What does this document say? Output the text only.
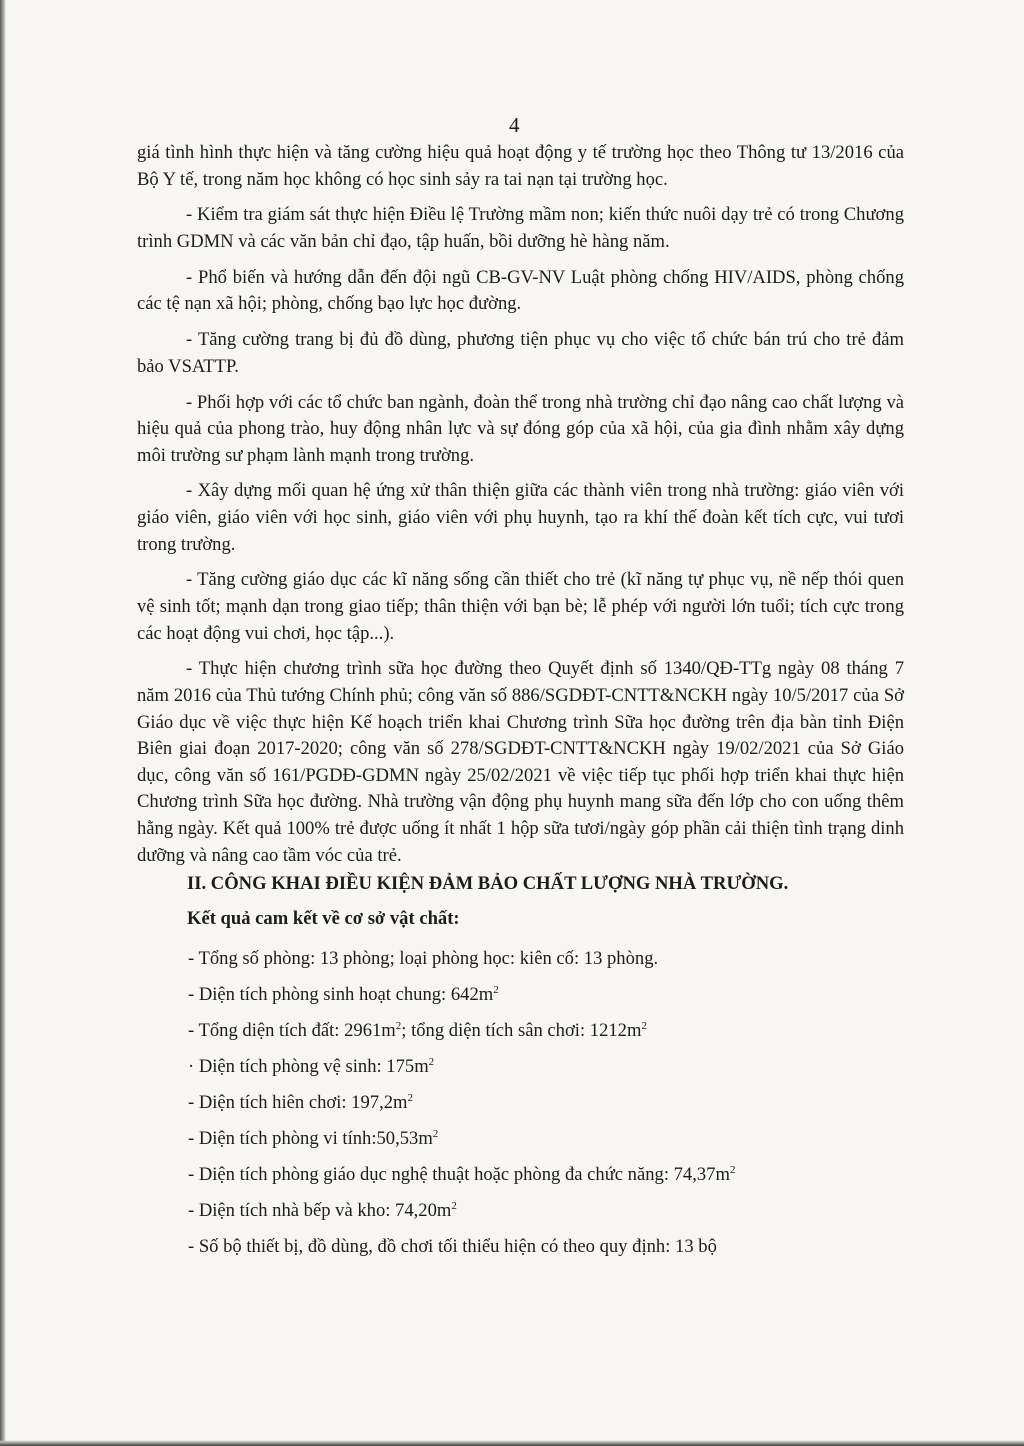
4

giá tình hình thực hiện và tăng cường hiệu quả hoạt động y tế trường học theo Thông tư 13/2016 của Bộ Y tế, trong năm học không có học sinh sảy ra tai nạn tại trường học.

- Kiểm tra giám sát thực hiện Điều lệ Trường mầm non; kiến thức nuôi dạy trẻ có trong Chương trình GDMN và các văn bản chỉ đạo, tập huấn, bồi dưỡng hè hàng năm.

- Phổ biến và hướng dẫn đến đội ngũ CB-GV-NV Luật phòng chống HIV/AIDS, phòng chống các tệ nạn xã hội; phòng, chống bạo lực học đường.

- Tăng cường trang bị đủ đồ dùng, phương tiện phục vụ cho việc tổ chức bán trú cho trẻ đảm bảo VSATTP.

- Phối hợp với các tổ chức ban ngành, đoàn thể trong nhà trường chỉ đạo nâng cao chất lượng và hiệu quả của phong trào, huy động nhân lực và sự đóng góp của xã hội, của gia đình nhằm xây dựng môi trường sư phạm lành mạnh trong trường.

- Xây dựng mối quan hệ ứng xử thân thiện giữa các thành viên trong nhà trường: giáo viên với giáo viên, giáo viên với học sinh, giáo viên với phụ huynh, tạo ra khí thế đoàn kết tích cực, vui tươi trong trường.

- Tăng cường giáo dục các kĩ năng sống cần thiết cho trẻ (kĩ năng tự phục vụ, nề nếp thói quen vệ sinh tốt; mạnh dạn trong giao tiếp; thân thiện với bạn bè; lễ phép với người lớn tuổi; tích cực trong các hoạt động vui chơi, học tập...).

- Thực hiện chương trình sữa học đường theo Quyết định số 1340/QĐ-TTg ngày 08 tháng 7 năm 2016 của Thủ tướng Chính phủ; công văn số 886/SGDĐT-CNTT&NCKH ngày 10/5/2017 của Sở Giáo dục về việc thực hiện Kế hoạch triển khai Chương trình Sữa học đường trên địa bàn tỉnh Điện Biên giai đoạn 2017-2020; công văn số 278/SGDĐT-CNTT&NCKH ngày 19/02/2021 của Sở Giáo dục, công văn số 161/PGDĐ-GDMN ngày 25/02/2021 về việc tiếp tục phối hợp triển khai thực hiện Chương trình Sữa học đường. Nhà trường vận động phụ huynh mang sữa đến lớp cho con uống thêm hằng ngày. Kết quả 100% trẻ được uống ít nhất 1 hộp sữa tươi/ngày góp phần cải thiện tình trạng dinh dưỡng và nâng cao tầm vóc của trẻ.

II. CÔNG KHAI ĐIỀU KIỆN ĐẢM BẢO CHẤT LƯỢNG NHÀ TRƯỜNG.
Kết quả cam kết về cơ sở vật chất:
- Tổng số phòng: 13 phòng; loại phòng học: kiên cố: 13 phòng.
- Diện tích phòng sinh hoạt chung: $642m^2$
- Tổng diện tích đất: $2961m^2$; tổng diện tích sân chơi: $1212m^2$
· Diện tích phòng vệ sinh: $175m^2$
- Diện tích hiên chơi: $197,2m^2$
- Diện tích phòng vi $tính:50,53m^2$
- Diện tích phòng giáo dục nghệ thuật hoặc phòng đa chức năng: $74,37m^2$
- Diện tích nhà bếp và kho: $74,20m^2$
- Số bộ thiết bị, đồ dùng, đồ chơi tối thiểu hiện có theo quy định: 13 bộ
